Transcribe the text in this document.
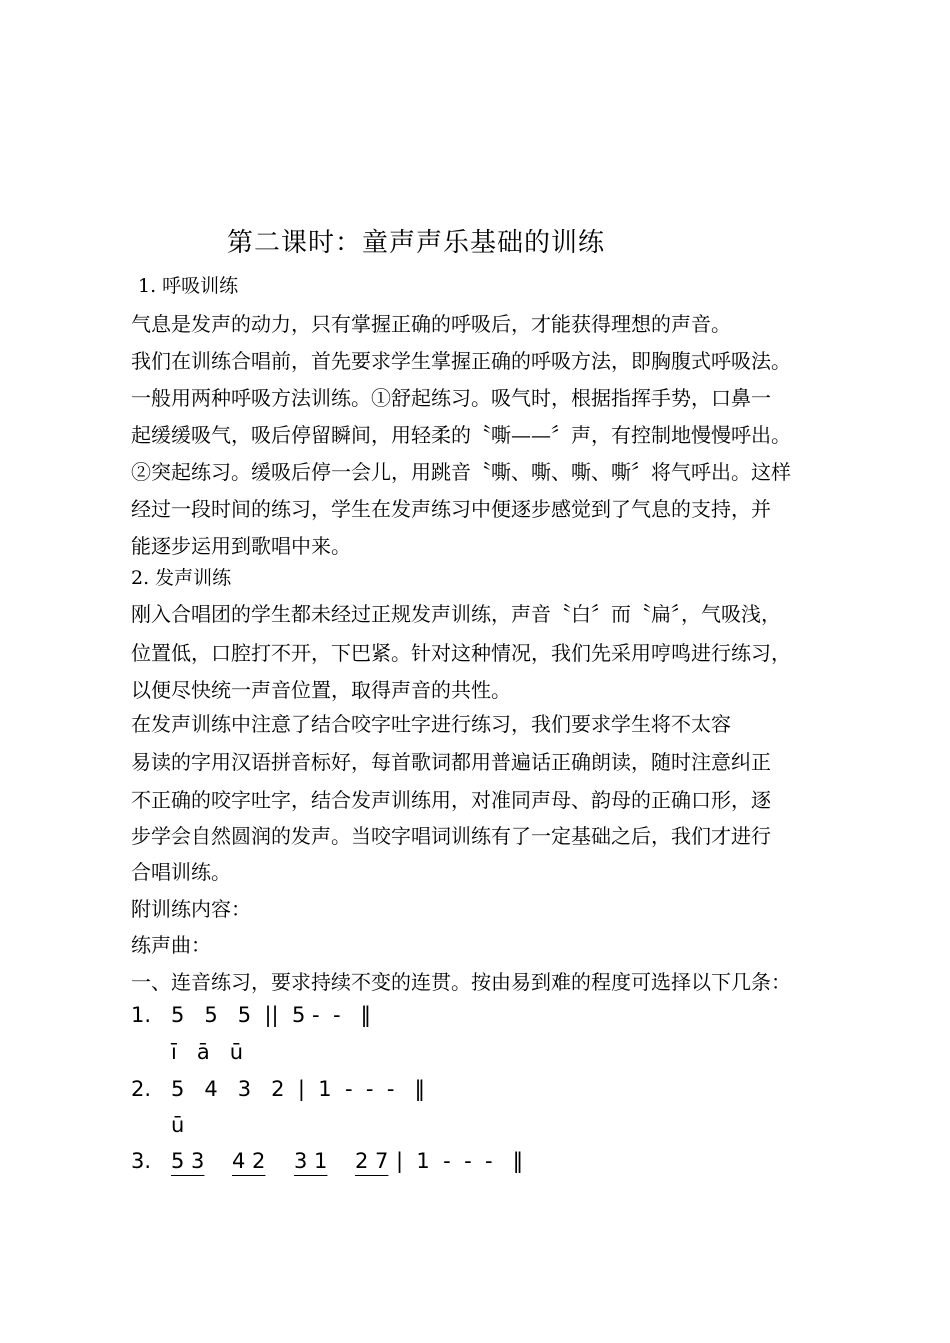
第二课时：童声声乐基础的训练
1. 呼吸训练
气息是发声的动力，只有掌握正确的呼吸后，才能获得理想的声音。
我们在训练合唱前，首先要求学生掌握正确的呼吸方法，即胸腹式呼吸法。
一般用两种呼吸方法训练。①舒起练习。吸气时，根据指挥手势，口鼻一
起缓缓吸气，吸后停留瞬间，用轻柔的〝嘶——〞声，有控制地慢慢呼出。
②突起练习。缓吸后停一会儿，用跳音〝嘶、嘶、嘶、嘶〞将气呼出。这样
经过一段时间的练习，学生在发声练习中便逐步感觉到了气息的支持，并
能逐步运用到歌唱中来。
2. 发声训练
刚入合唱团的学生都未经过正规发声训练，声音〝白〞而〝扁〞，气吸浅，
位置低，口腔打不开，下巴紧。针对这种情况，我们先采用哼鸣进行练习，
以便尽快统一声音位置，取得声音的共性。
在发声训练中注意了结合咬字吐字进行练习，我们要求学生将不太容
易读的字用汉语拼音标好，每首歌词都用普遍话正确朗读，随时注意纠正
不正确的咬字吐字，结合发声训练用，对准同声母、韵母的正确口形，逐
步学会自然圆润的发声。当咬字唱词训练有了一定基础之后，我们才进行
合唱训练。
附训练内容：
练声曲：
一、连音练习，要求持续不变的连贯。按由易到难的程度可选择以下几条：
1. 5   5   5  ||  5 -  -   ‖
ī   ā   ū
2. 5   4   3   2  |  1  -  -  -   ‖
ū
3. 5 3 4 2 3 1 2 7 |  1  -  -  -   ‖
